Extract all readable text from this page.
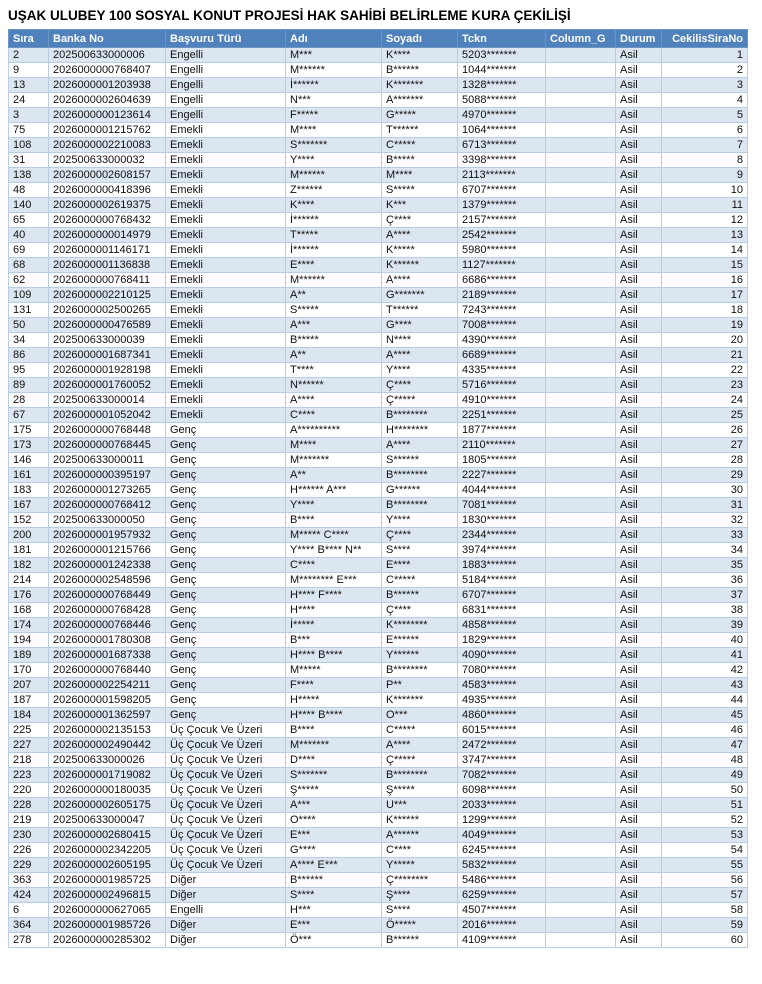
UŞAK ULUBEY 100 SOSYAL KONUT PROJESİ HAK SAHİBİ BELİRLEME KURA ÇEKİLİŞİ
Sıra	Banka No	Başvuru Türü	Adı	Soyadı	Tckn	Column_G	Durum	CekilisSiraNo
2	202500633000006	Engelli	M***	K****	5203*******		Asil	1
9	2026000000768407	Engelli	M******	B******	1044*******		Asil	2
13	2026000001203938	Engelli	İ******	K*******	1328*******		Asil	3
24	2026000002604639	Engelli	N***	A*******	5088*******		Asil	4
3	2026000000123614	Engelli	F*****	G*****	4970*******		Asil	5
75	2026000001215762	Emekli	M****	T******	1064*******		Asil	6
108	2026000002210083	Emekli	S*******	C*****	6713*******		Asil	7
31	202500633000032	Emekli	Y****	B*****	3398*******		Asil	8
138	2026000002608157	Emekli	M******	M****	2113*******		Asil	9
48	2026000000418396	Emekli	Z******	S*****	6707*******		Asil	10
140	2026000002619375	Emekli	K****	K***	1379*******		Asil	11
65	2026000000768432	Emekli	İ******	Ç****	2157*******		Asil	12
40	2026000000014979	Emekli	T*****	A****	2542*******		Asil	13
69	2026000001146171	Emekli	İ******	K*****	5980*******		Asil	14
68	2026000001136838	Emekli	E****	K******	1127*******		Asil	15
62	2026000000768411	Emekli	M******	A****	6686*******		Asil	16
109	2026000002210125	Emekli	A**	G*******	2189*******		Asil	17
131	2026000002500265	Emekli	S*****	T******	7243*******		Asil	18
50	2026000000476589	Emekli	A***	G****	7008*******		Asil	19
34	202500633000039	Emekli	B*****	N****	4390*******		Asil	20
86	2026000001687341	Emekli	A**	A****	6689*******		Asil	21
95	2026000001928198	Emekli	T****	Y****	4335*******		Asil	22
89	2026000001760052	Emekli	N******	Ç****	5716*******		Asil	23
28	202500633000014	Emekli	A****	Ç*****	4910*******		Asil	24
67	2026000001052042	Emekli	C****	B********	2251*******		Asil	25
175	2026000000768448	Genç	A**********	H********	1877*******		Asil	26
173	2026000000768445	Genç	M****	A****	2110*******		Asil	27
146	202500633000011	Genç	M*******	S******	1805*******		Asil	28
161	2026000000395197	Genç	A**	B********	2227*******		Asil	29
183	2026000001273265	Genç	H****** A***	G******	4044*******		Asil	30
167	2026000000768412	Genç	Y****	B********	7081*******		Asil	31
152	202500633000050	Genç	B****	Y****	1830*******		Asil	32
200	2026000001957932	Genç	M***** C****	Ç****	2344*******		Asil	33
181	2026000001215766	Genç	Y**** B**** N**	S****	3974*******		Asil	34
182	2026000001242338	Genç	C****	E****	1883*******		Asil	35
214	2026000002548596	Genç	M******** E***	C*****	5184*******		Asil	36
176	2026000000768449	Genç	H**** F****	B******	6707*******		Asil	37
168	2026000000768428	Genç	H****	Ç****	6831*******		Asil	38
174	2026000000768446	Genç	İ*****	K********	4858*******		Asil	39
194	2026000001780308	Genç	B***	E******	1829*******		Asil	40
189	2026000001687338	Genç	H**** B****	Y******	4090*******		Asil	41
170	2026000000768440	Genç	M*****	B********	7080*******		Asil	42
207	2026000002254211	Genç	F****	P**	4583*******		Asil	43
187	2026000001598205	Genç	H*****	K*******	4935*******		Asil	44
184	2026000001362597	Genç	H**** B****	O***	4860*******		Asil	45
225	2026000002135153	Üç Çocuk Ve Üzeri	B****	C*****	6015*******		Asil	46
227	2026000002490442	Üç Çocuk Ve Üzeri	M*******	A****	2472*******		Asil	47
218	202500633000026	Üç Çocuk Ve Üzeri	D****	Ç*****	3747*******		Asil	48
223	2026000001719082	Üç Çocuk Ve Üzeri	S*******	B********	7082*******		Asil	49
220	2026000000180035	Üç Çocuk Ve Üzeri	Ş*****	Ş*****	6098*******		Asil	50
228	2026000002605175	Üç Çocuk Ve Üzeri	A***	U***	2033*******		Asil	51
219	202500633000047	Üç Çocuk Ve Üzeri	O****	K******	1299*******		Asil	52
230	2026000002680415	Üç Çocuk Ve Üzeri	E***	A******	4049*******		Asil	53
226	2026000002342205	Üç Çocuk Ve Üzeri	G****	C****	6245*******		Asil	54
229	2026000002605195	Üç Çocuk Ve Üzeri	A**** E***	Y*****	5832*******		Asil	55
363	2026000001985725	Diğer	B******	Ç********	5486*******		Asil	56
424	2026000002496815	Diğer	S****	Ş****	6259*******		Asil	57
6	2026000000627065	Engelli	H***	S****	4507*******		Asil	58
364	2026000001985726	Diğer	E***	Ö*****	2016*******		Asil	59
278	2026000000285302	Diğer	Ö***	B******	4109*******		Asil	60
